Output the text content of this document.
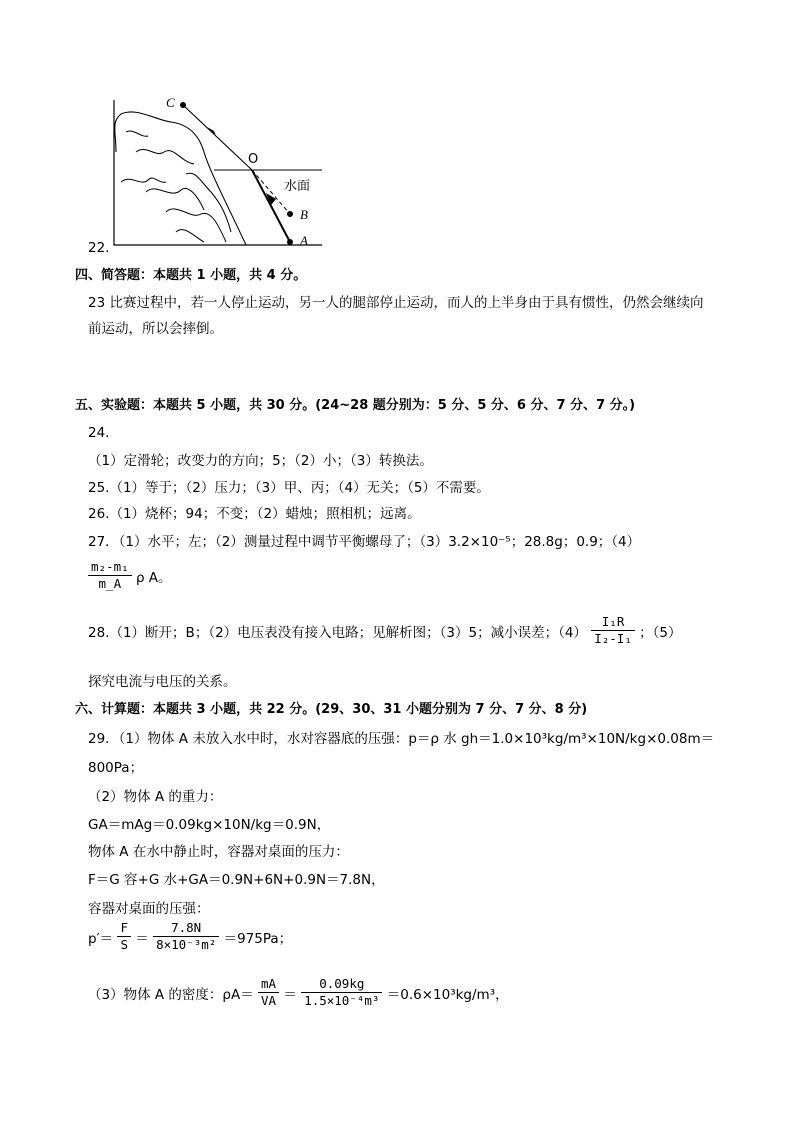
C
O
水面
B
A
22.
四、简答题：本题共 1 小题，共 4 分。
23 比赛过程中，若一人停止运动，另一人的腿部停止运动，而人的上半身由于具有惯性，仍然会继续向
前运动，所以会摔倒。
五、实验题：本题共 5 小题，共 30 分。(24~28 题分别为：5 分、5 分、6 分、7 分、7 分。)
24．
（1）定滑轮；改变力的方向；5；（2）小；（3）转换法。
25.（1）等于；（2）压力；（3）甲、丙；（4）无关；（5）不需要。
26.（1）烧杯；94；不变；（2）蜡烛；照相机；远离。
27．（1）水平；左；（2）测量过程中调节平衡螺母了；（3）3.2×10⁻⁵；28.8g；0.9；（4）
$\frac{\text{m₂-m₁}}{m\_A}$ ρ A。
28.（1）断开；B；（2）电压表没有接入电路；见解析图；（3）5；减小误差；$(4) \frac{\text{I₁R}}{\text{I₂-I₁}}$ ；（5）
探究电流与电压的关系。
六、计算题：本题共 3 小题，共 22 分。(29、30、31 小题分别为 7 分、7 分、8 分)
29．（1）物体 A 未放入水中时，水对容器底的压强：p＝ρ 水 gh＝1.0×10³kg/m³×10N/kg×0.08m＝
800Pa；
（2）物体 A 的重力：
GA＝mAg＝0.09kg×10N/kg＝0.9N，
物体 A 在水中静止时，容器对桌面的压力：
F＝G 容+G 水+GA＝0.9N+6N+0.9N＝7.8N，
容器对桌面的压强：
$p'= \frac{F}{S} = \frac{7.8N}{\text{8×10⁻³m²}} =975Pa$；
（3）物体 A 的密度：$\rho A= \frac{mA}{VA} = \frac{0.09kg}{\text{1.5×10⁻⁴m³}} =0.6\times 10^3kg/m^3$，
